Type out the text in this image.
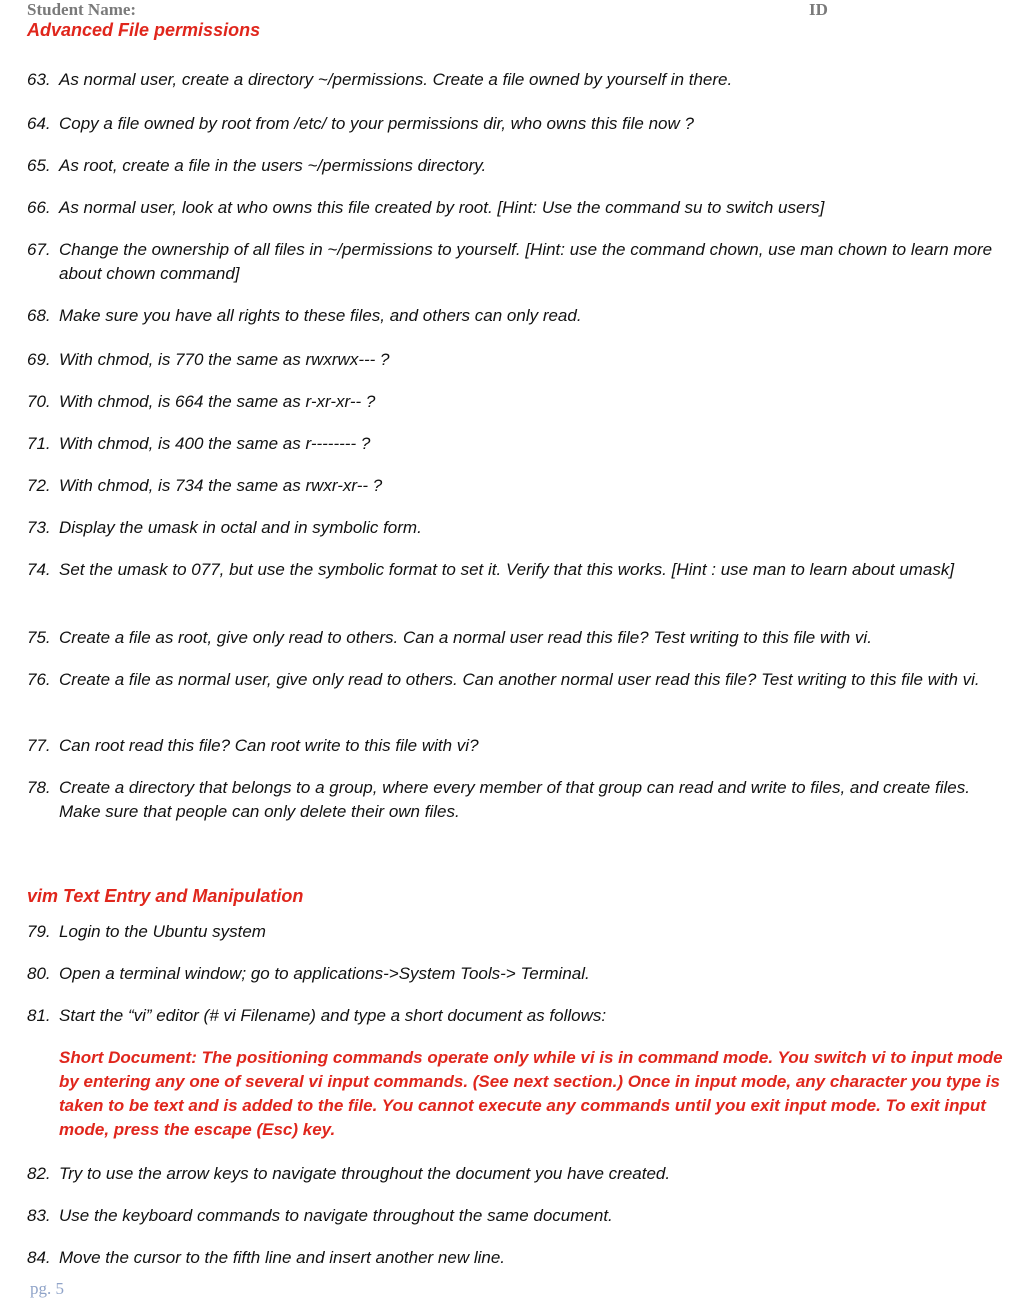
Student Name:	ID
Advanced File permissions
63. As normal user, create a directory ~/permissions. Create a file owned by yourself in there.
64. Copy a file owned by root from /etc/ to your permissions dir, who owns this file now ?
65. As root, create a file in the users ~/permissions directory.
66. As normal user, look at who owns this file created by root. [Hint: Use the command su to switch users]
67. Change the ownership of all files in ~/permissions to yourself. [Hint: use the command chown, use man chown to learn more about chown command]
68. Make sure you have all rights to these files, and others can only read.
69. With chmod, is 770 the same as rwxrwx--- ?
70. With chmod, is 664 the same as r-xr-xr-- ?
71. With chmod, is 400 the same as r-------- ?
72. With chmod, is 734 the same as rwxr-xr-- ?
73. Display the umask in octal and in symbolic form.
74. Set the umask to 077, but use the symbolic format to set it. Verify that this works. [Hint : use man to learn about umask]
75. Create a file as root, give only read to others. Can a normal user read this file? Test writing to this file with vi.
76. Create a file as normal user, give only read to others. Can another normal user read this file? Test writing to this file with vi.
77. Can root read this file? Can root write to this file with vi?
78. Create a directory that belongs to a group, where every member of that group can read and write to files, and create files. Make sure that people can only delete their own files.
vim Text Entry and Manipulation
79. Login to the Ubuntu system
80. Open a terminal window; go to applications->System Tools-> Terminal.
81. Start the “vi” editor (# vi Filename) and type a short document as follows:
Short Document: The positioning commands operate only while vi is in command mode. You switch vi to input mode by entering any one of several vi input commands. (See next section.) Once in input mode, any character you type is taken to be text and is added to the file. You cannot execute any commands until you exit input mode. To exit input mode, press the escape (Esc) key.
82. Try to use the arrow keys to navigate throughout the document you have created.
83. Use the keyboard commands to navigate throughout the same document.
84. Move the cursor to the fifth line and insert another new line.
pg. 5
